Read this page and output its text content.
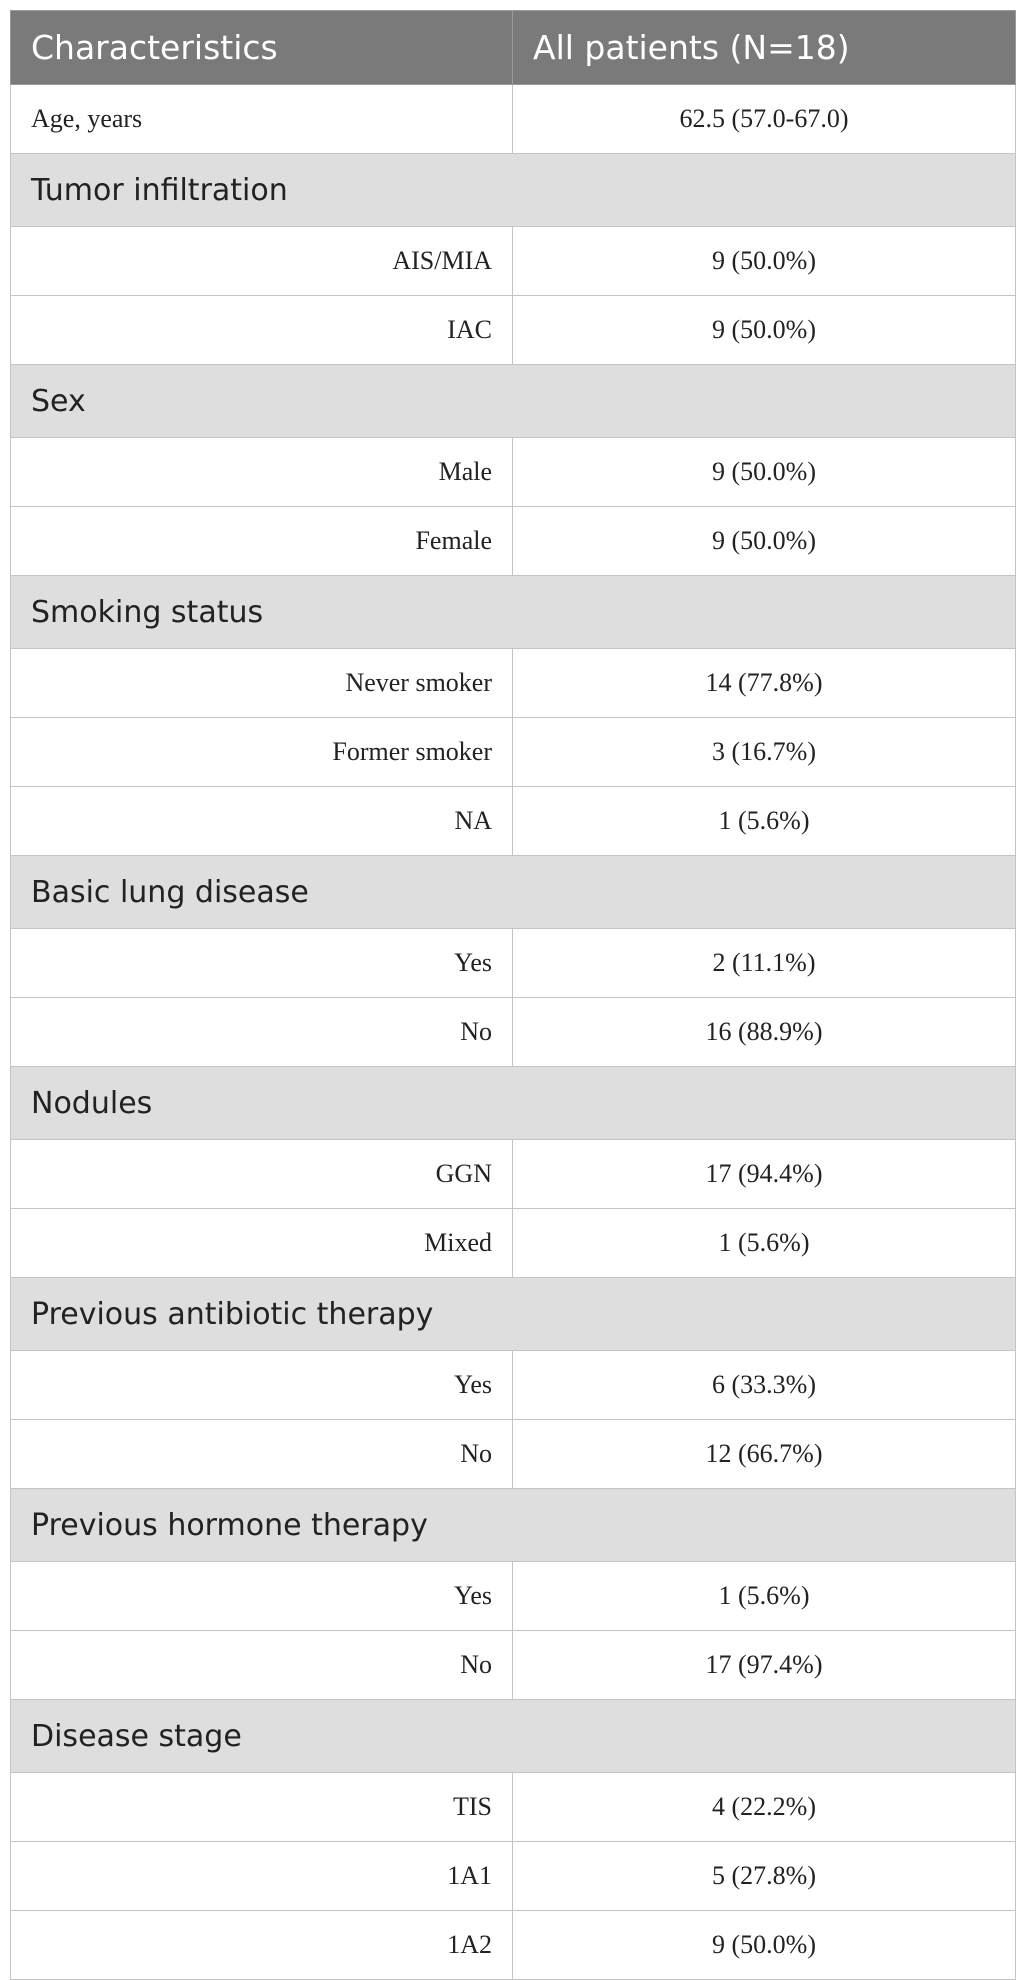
Characteristics	All patients (N=18)
Age, years	62.5 (57.0-67.0)
Tumor infiltration	
AIS/MIA	9 (50.0%)
IAC	9 (50.0%)
Sex	
Male	9 (50.0%)
Female	9 (50.0%)
Smoking status	
Never smoker	14 (77.8%)
Former smoker	3 (16.7%)
NA	1 (5.6%)
Basic lung disease	
Yes	2 (11.1%)
No	16 (88.9%)
Nodules	
GGN	17 (94.4%)
Mixed	1 (5.6%)
Previous antibiotic therapy	
Yes	6 (33.3%)
No	12 (66.7%)
Previous hormone therapy	
Yes	1 (5.6%)
No	17 (97.4%)
Disease stage	
TIS	4 (22.2%)
1A1	5 (27.8%)
1A2	9 (50.0%)
